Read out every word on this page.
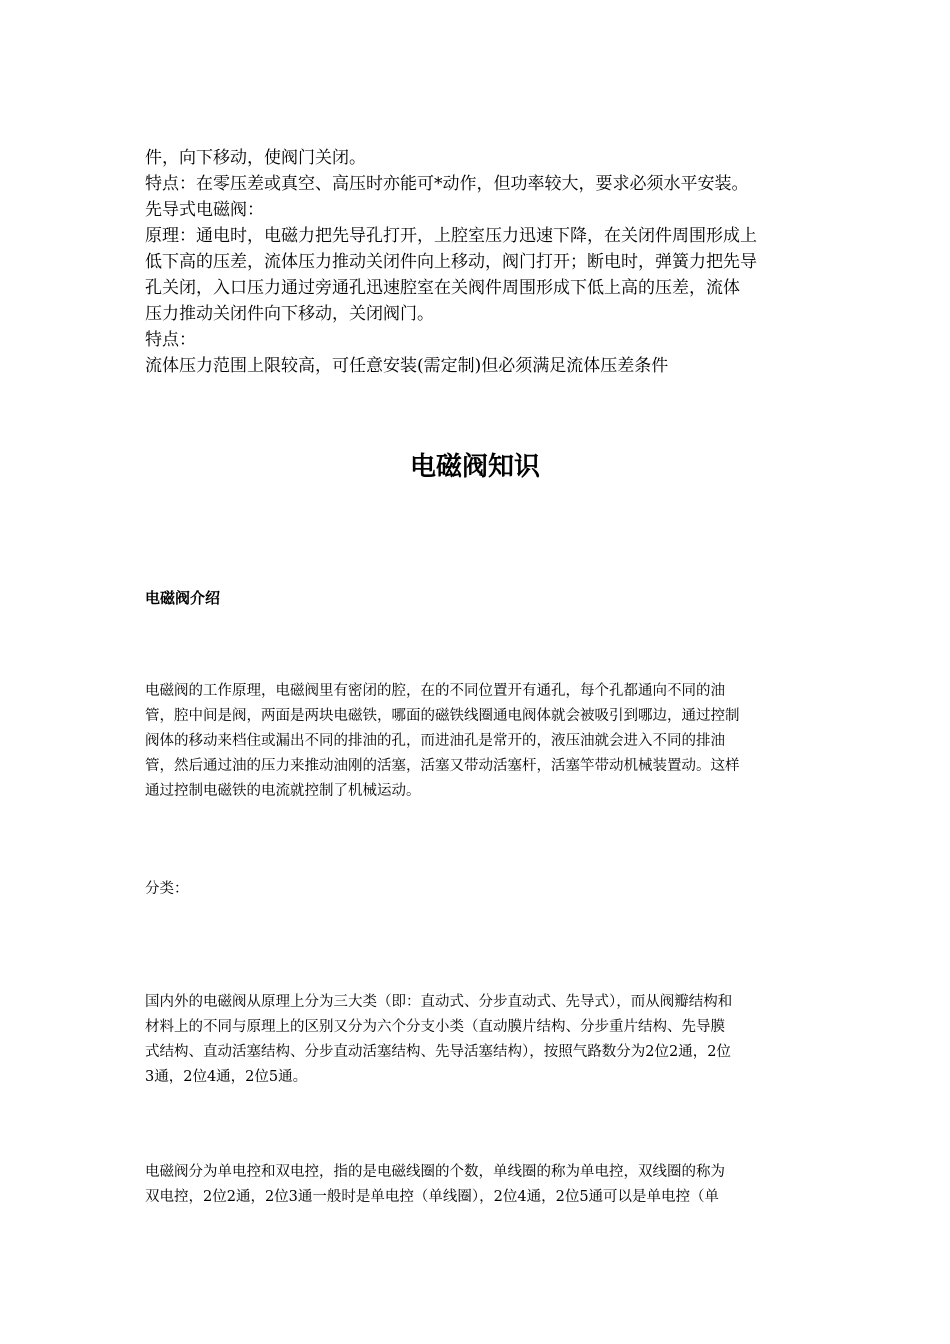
件，向下移动，使阀门关闭。
特点：在零压差或真空、高压时亦能可*动作，但功率较大，要求必须水平安装。
先导式电磁阀：
原理：通电时，电磁力把先导孔打开，上腔室压力迅速下降，在关闭件周围形成上
低下高的压差，流体压力推动关闭件向上移动，阀门打开；断电时，弹簧力把先导
孔关闭，入口压力通过旁通孔迅速腔室在关阀件周围形成下低上高的压差，流体
压力推动关闭件向下移动，关闭阀门。
特点：
流体压力范围上限较高，可任意安装(需定制)但必须满足流体压差条件
电磁阀知识
电磁阀介绍
电磁阀的工作原理，电磁阀里有密闭的腔，在的不同位置开有通孔，每个孔都通向不同的油
管，腔中间是阀，两面是两块电磁铁，哪面的磁铁线圈通电阀体就会被吸引到哪边，通过控制
阀体的移动来档住或漏出不同的排油的孔，而进油孔是常开的，液压油就会进入不同的排油
管，然后通过油的压力来推动油刚的活塞，活塞又带动活塞杆，活塞竿带动机械装置动。这样
通过控制电磁铁的电流就控制了机械运动。
分类：
国内外的电磁阀从原理上分为三大类（即：直动式、分步直动式、先导式），而从阀瓣结构和
材料上的不同与原理上的区别又分为六个分支小类（直动膜片结构、分步重片结构、先导膜
式结构、直动活塞结构、分步直动活塞结构、先导活塞结构），按照气路数分为2位2通，2位
3通，2位4通，2位5通。
电磁阀分为单电控和双电控，指的是电磁线圈的个数，单线圈的称为单电控，双线圈的称为
双电控，2位2通，2位3通一般时是单电控（单线圈），2位4通，2位5通可以是单电控（单
